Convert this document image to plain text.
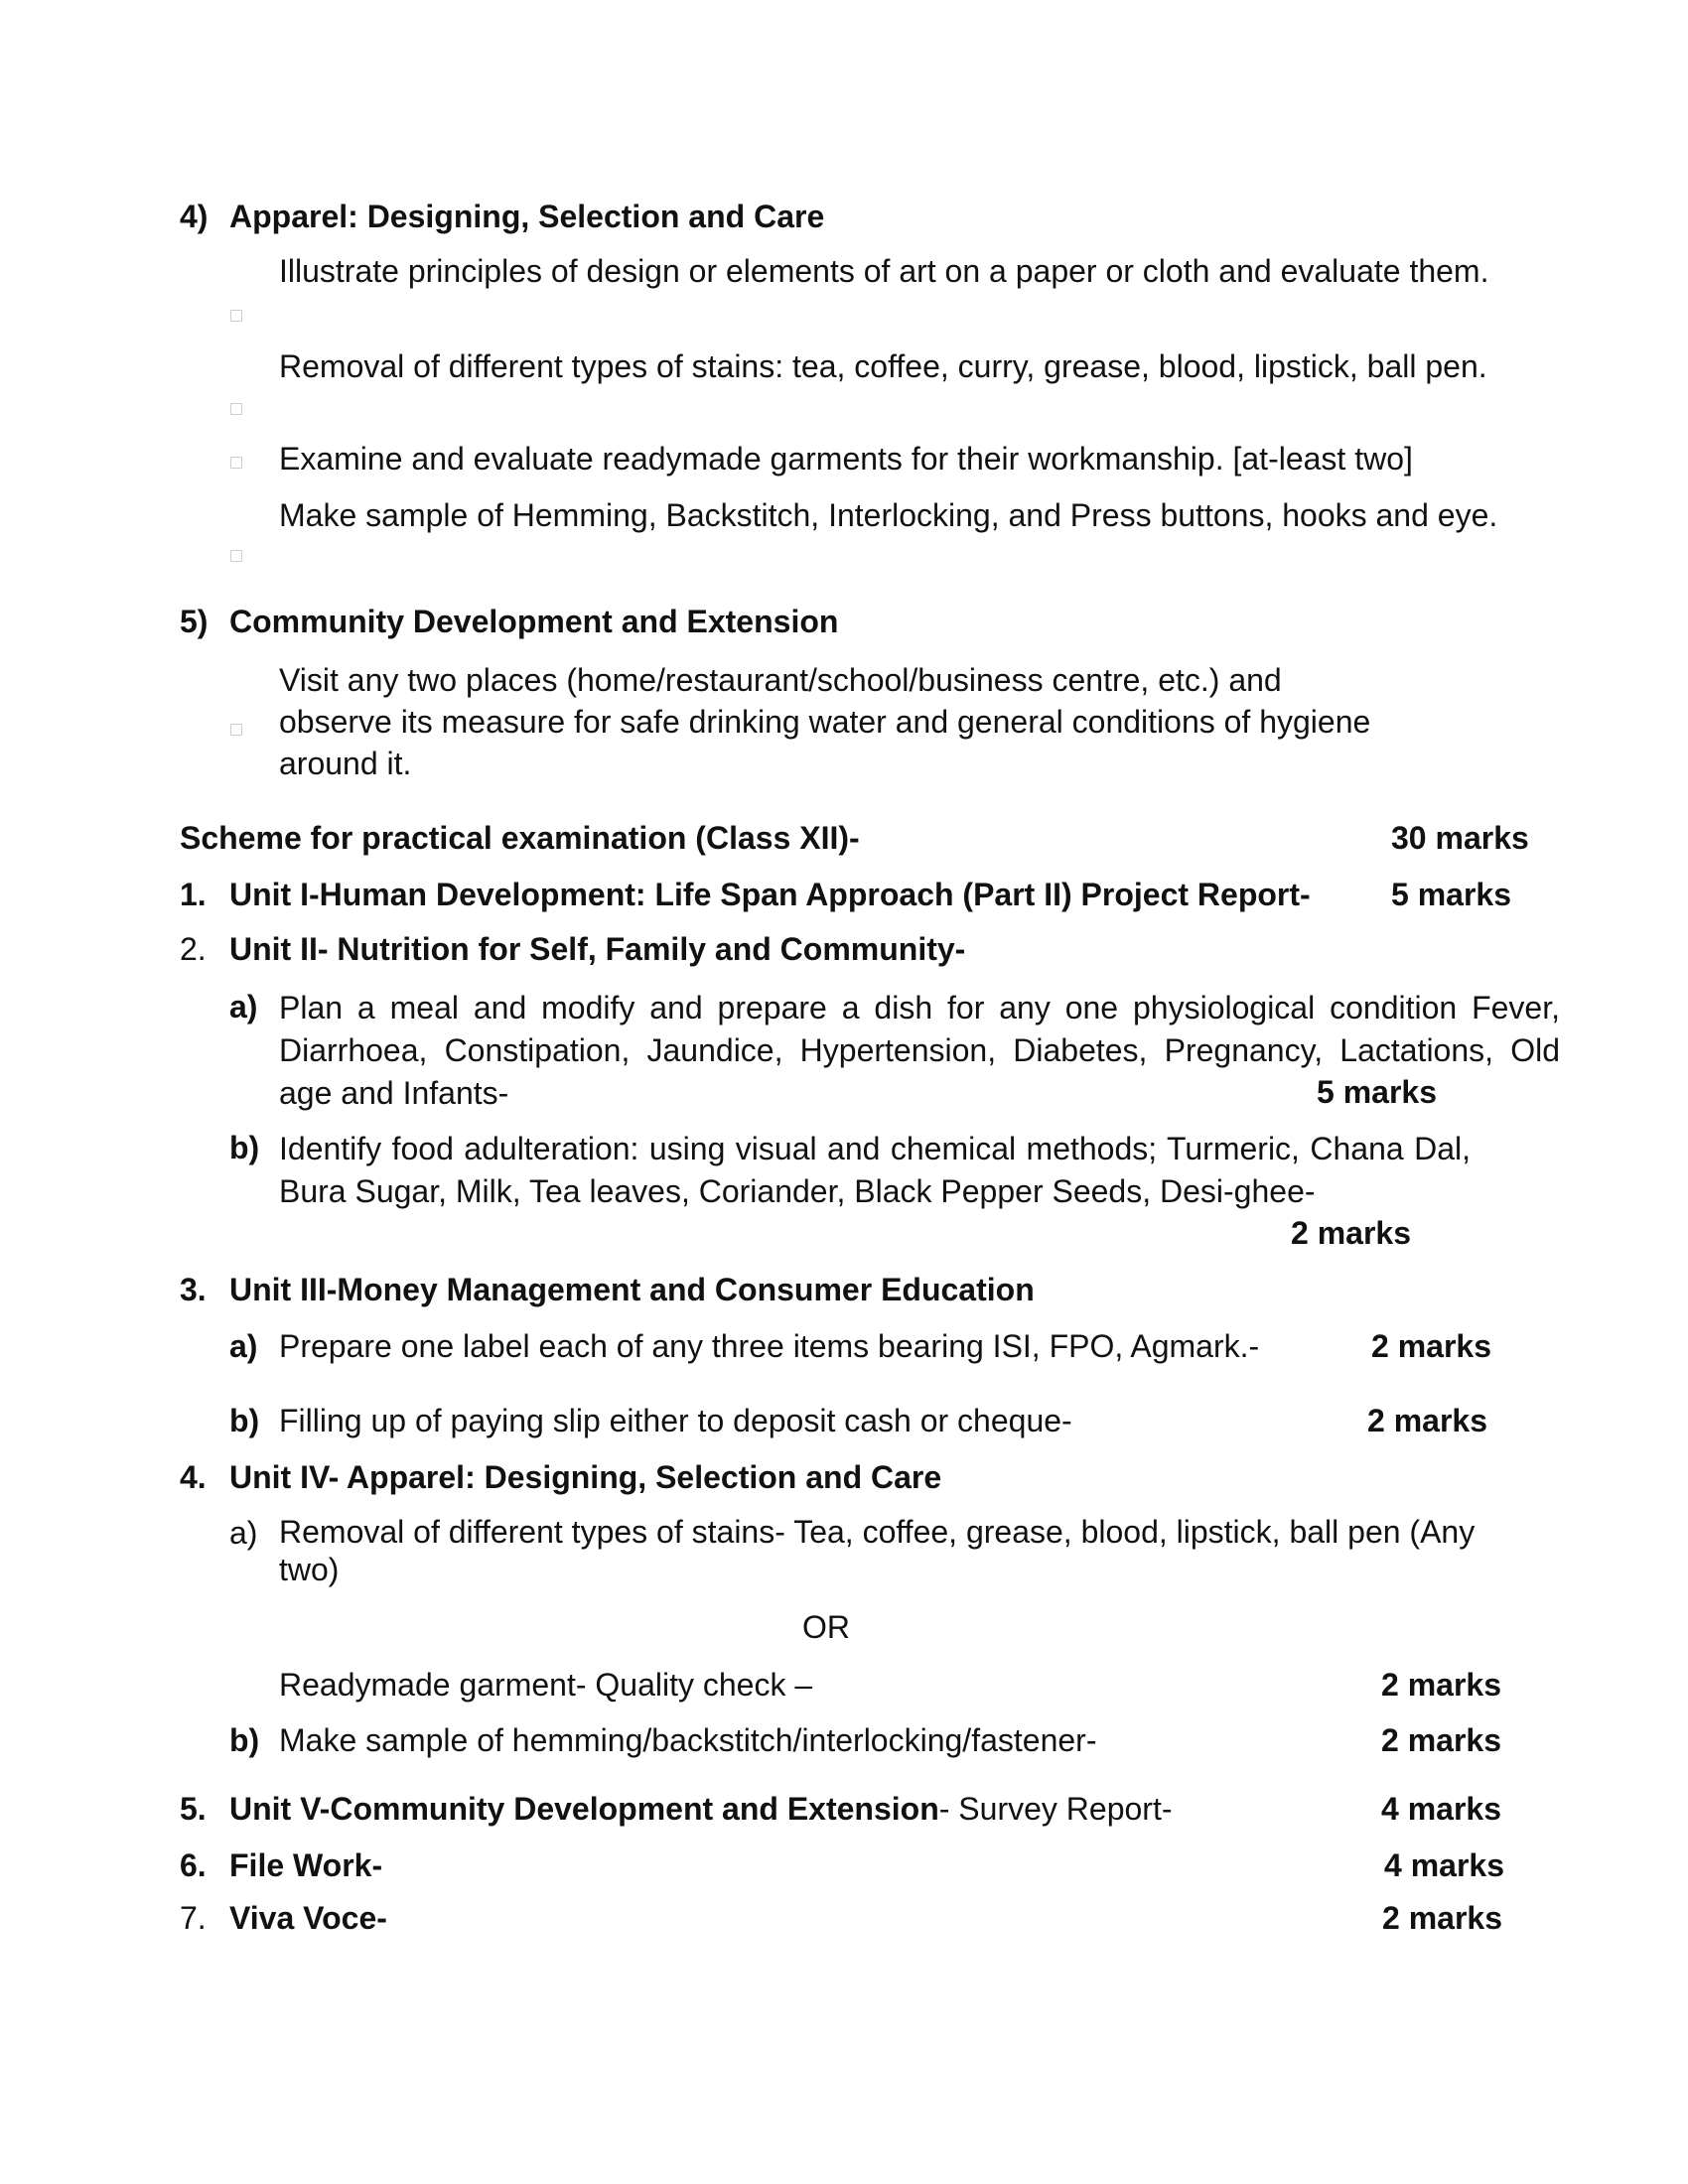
4) Apparel: Designing, Selection and Care
Illustrate principles of design or elements of art on a paper or cloth and evaluate them.
Removal of different types of stains: tea, coffee, curry, grease, blood, lipstick, ball pen.
Examine and evaluate readymade garments for their workmanship. [at-least two]
Make sample of Hemming, Backstitch, Interlocking, and Press buttons, hooks and eye.
5) Community Development and Extension
Visit any two places (home/restaurant/school/business centre, etc.) and
observe its measure for safe drinking water and general conditions of hygiene
around it.
Scheme for practical examination (Class XII)-	30 marks
1. Unit I-Human Development: Life Span Approach (Part II) Project Report-	5 marks
2. Unit II- Nutrition for Self, Family and Community-
a) Plan a meal and modify and prepare a dish for any one physiological condition Fever, Diarrhoea, Constipation, Jaundice, Hypertension, Diabetes, Pregnancy, Lactations, Old age and Infants-	5 marks
b) Identify food adulteration: using visual and chemical methods; Turmeric, Chana Dal, Bura Sugar, Milk, Tea leaves, Coriander, Black Pepper Seeds, Desi-ghee-
2 marks
3. Unit III-Money Management and Consumer Education
a) Prepare one label each of any three items bearing ISI, FPO, Agmark.-	2 marks
b) Filling up of paying slip either to deposit cash or cheque-	2 marks
4. Unit IV- Apparel: Designing, Selection and Care
a) Removal of different types of stains- Tea, coffee, grease, blood, lipstick, ball pen (Any two)
OR
Readymade garment- Quality check –	2 marks
b) Make sample of hemming/backstitch/interlocking/fastener-	2 marks
5. Unit V-Community Development and Extension- Survey Report-	4 marks
6. File Work-	4 marks
7. Viva Voce-	2 marks
